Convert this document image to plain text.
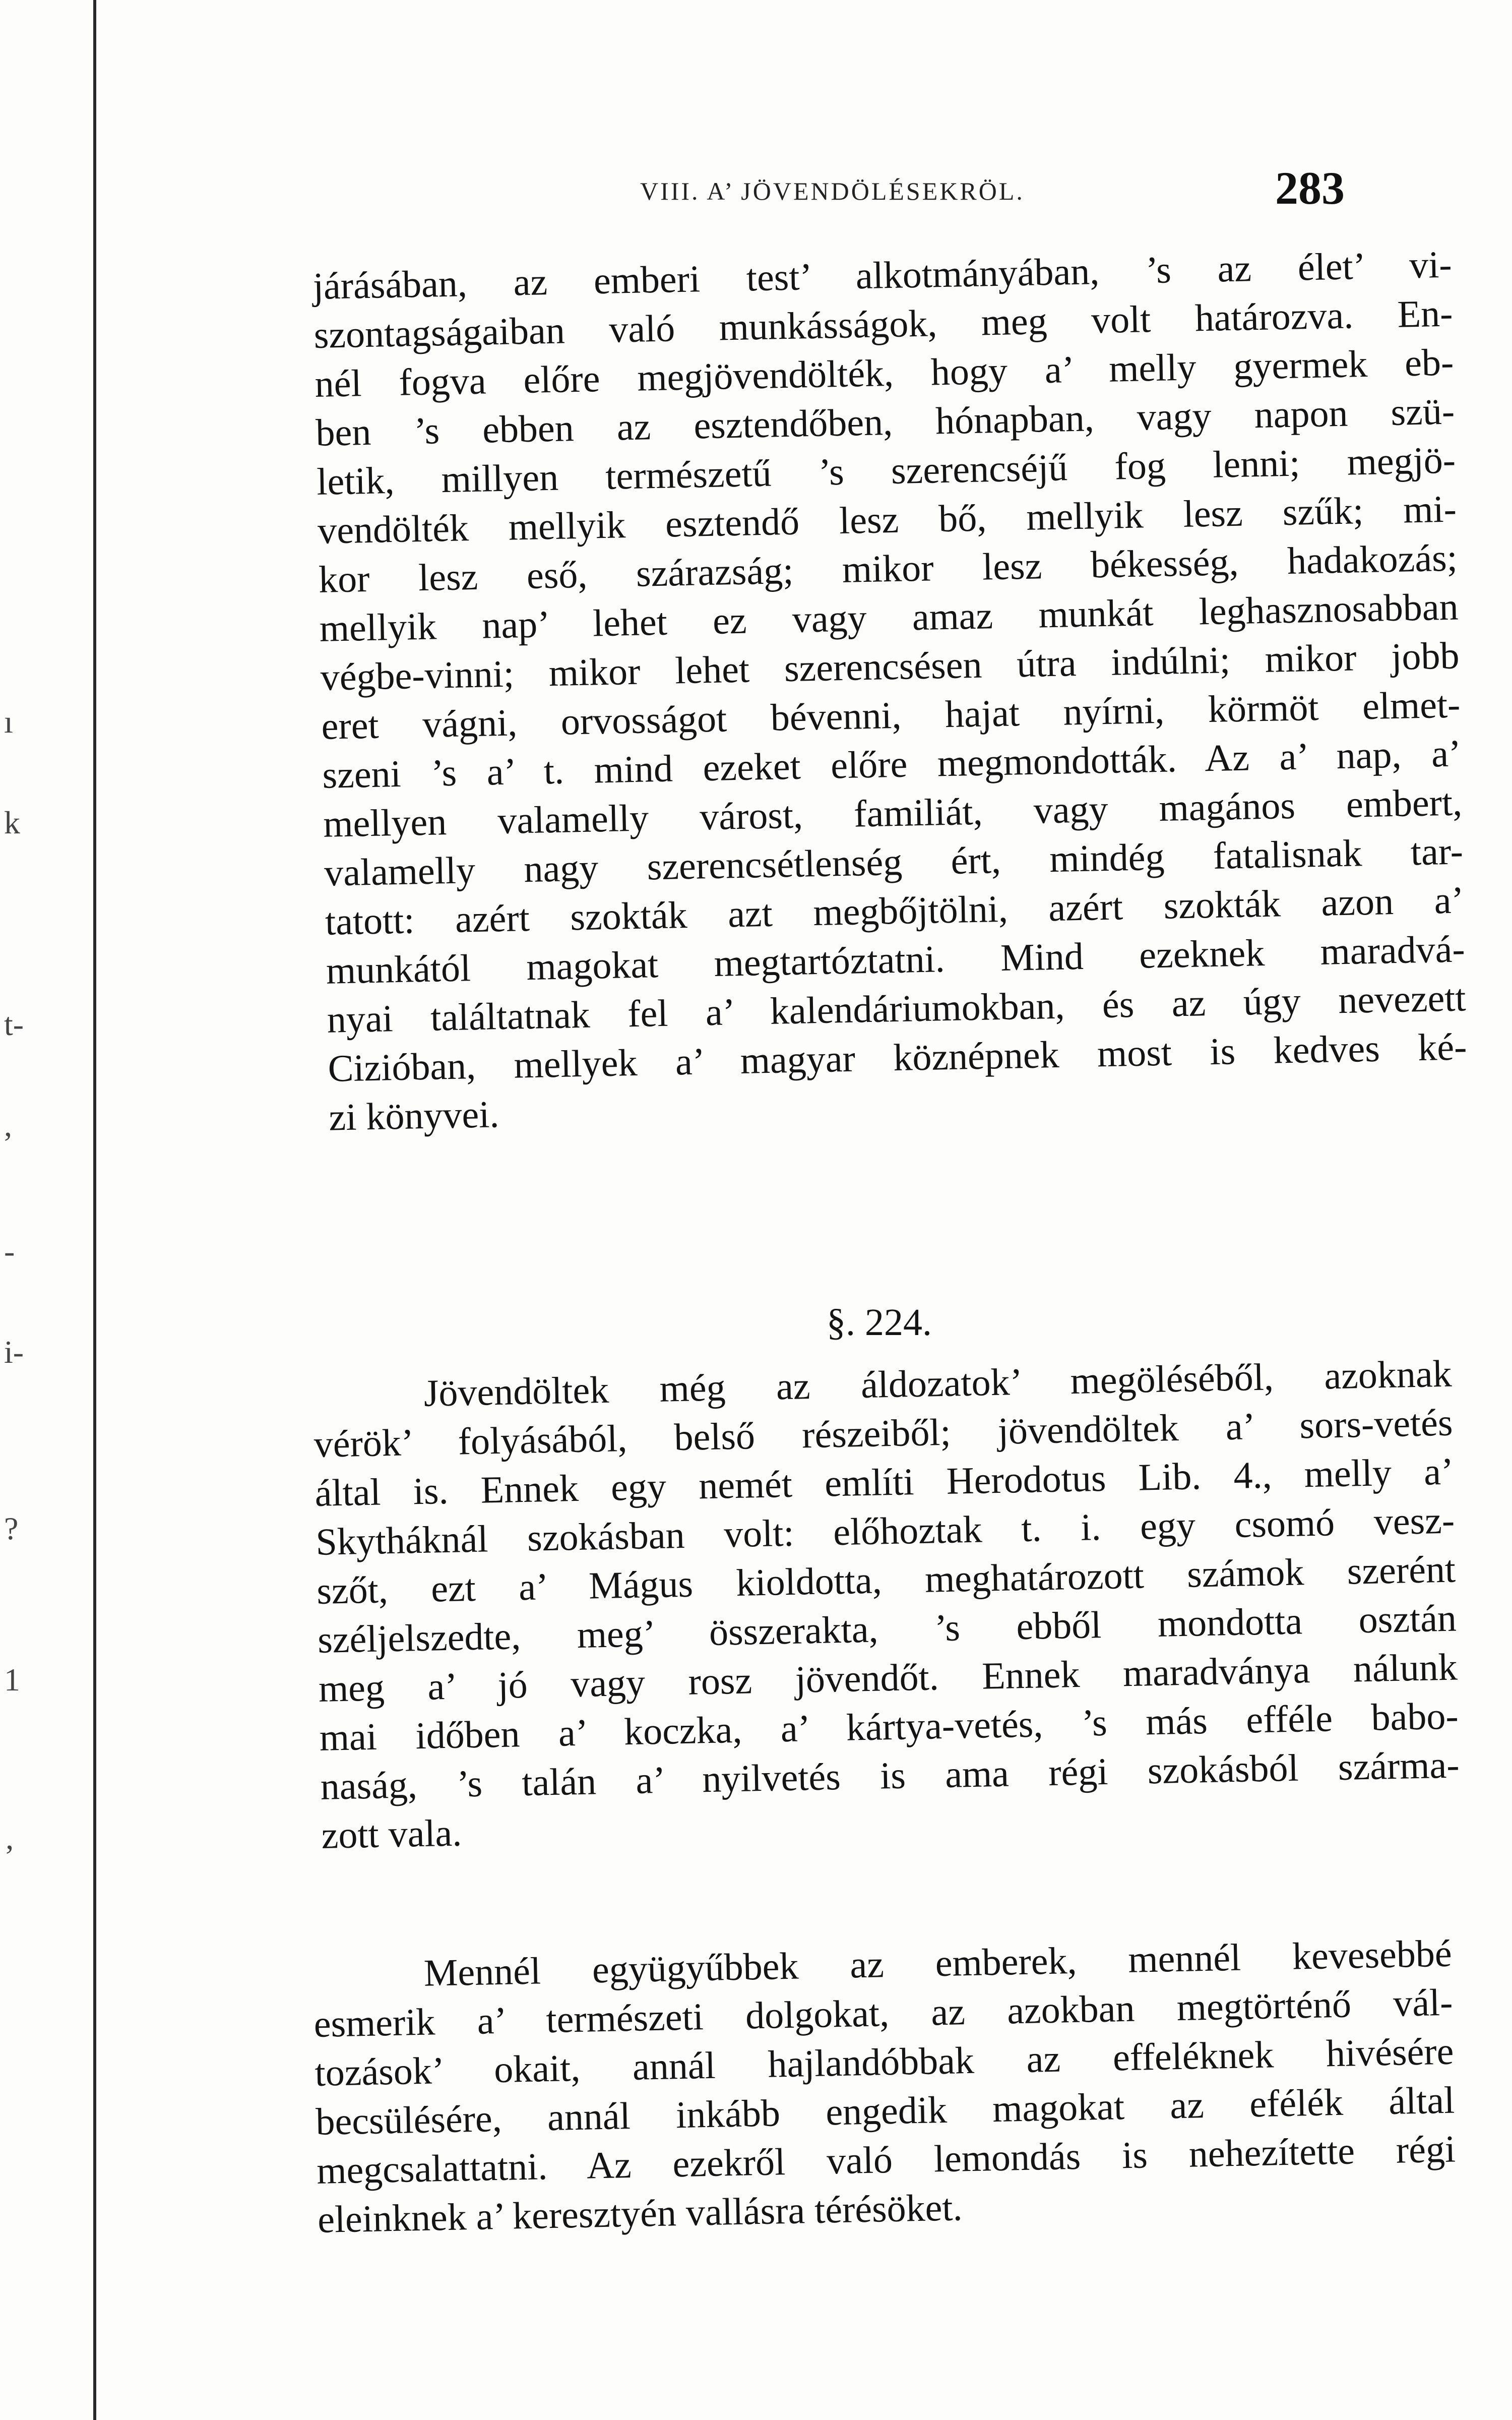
ı
k
t-
,
-
i-
?
1
’
VIII. A’ JÖVENDÖLÉSEKRÖL.	283
járásában, az emberi test’ alkotmányában, ’s az élet’ vi-
szontagságaiban való munkásságok, meg volt határozva. En-
nél fogva előre megjövendölték, hogy a’ melly gyermek eb-
ben ’s ebben az esztendőben, hónapban, vagy napon szü-
letik, millyen természetű ’s szerencséjű fog lenni; megjö-
vendölték mellyik esztendő lesz bő, mellyik lesz szűk; mi-
kor lesz eső, szárazság; mikor lesz békesség, hadakozás;
mellyik nap’ lehet ez vagy amaz munkát leghasznosabban
végbe-vinni; mikor lehet szerencsésen útra indúlni; mikor jobb
eret vágni, orvosságot bévenni, hajat nyírni, körmöt elmet-
szeni ’s a’ t. mind ezeket előre megmondották. Az a’ nap, a’
mellyen valamelly várost, familiát, vagy magános embert,
valamelly nagy szerencsétlenség ért, mindég fatalisnak tar-
tatott: azért szokták azt megbőjtölni, azért szokták azon a’
munkától magokat megtartóztatni. Mind ezeknek maradvá-
nyai találtatnak fel a’ kalendáriumokban, és az úgy nevezett
Cizióban, mellyek a’ magyar köznépnek most is kedves ké-
zi könyvei.
§. 224.
Jövendöltek még az áldozatok’ megöléséből, azoknak
vérök’ folyásából, belső részeiből; jövendöltek a’ sors-vetés
által is. Ennek egy nemét említi Herodotus Lib. 4., melly a’
Skytháknál szokásban volt: előhoztak t. i. egy csomó vesz-
szőt, ezt a’ Mágus kioldotta, meghatározott számok szerént
széljelszedte, meg’ összerakta, ’s ebből mondotta osztán
meg a’ jó vagy rosz jövendőt. Ennek maradványa nálunk
mai időben a’ koczka, a’ kártya-vetés, ’s más efféle babo-
naság, ’s talán a’ nyilvetés is ama régi szokásból szárma-
zott vala.
Mennél együgyűbbek az emberek, mennél kevesebbé
esmerik a’ természeti dolgokat, az azokban megtörténő vál-
tozások’ okait, annál hajlandóbbak az effeléknek hivésére
becsülésére, annál inkább engedik magokat az efélék által
megcsalattatni. Az ezekről való lemondás is nehezítette régi
eleinknek a’ keresztyén vallásra térésöket.
